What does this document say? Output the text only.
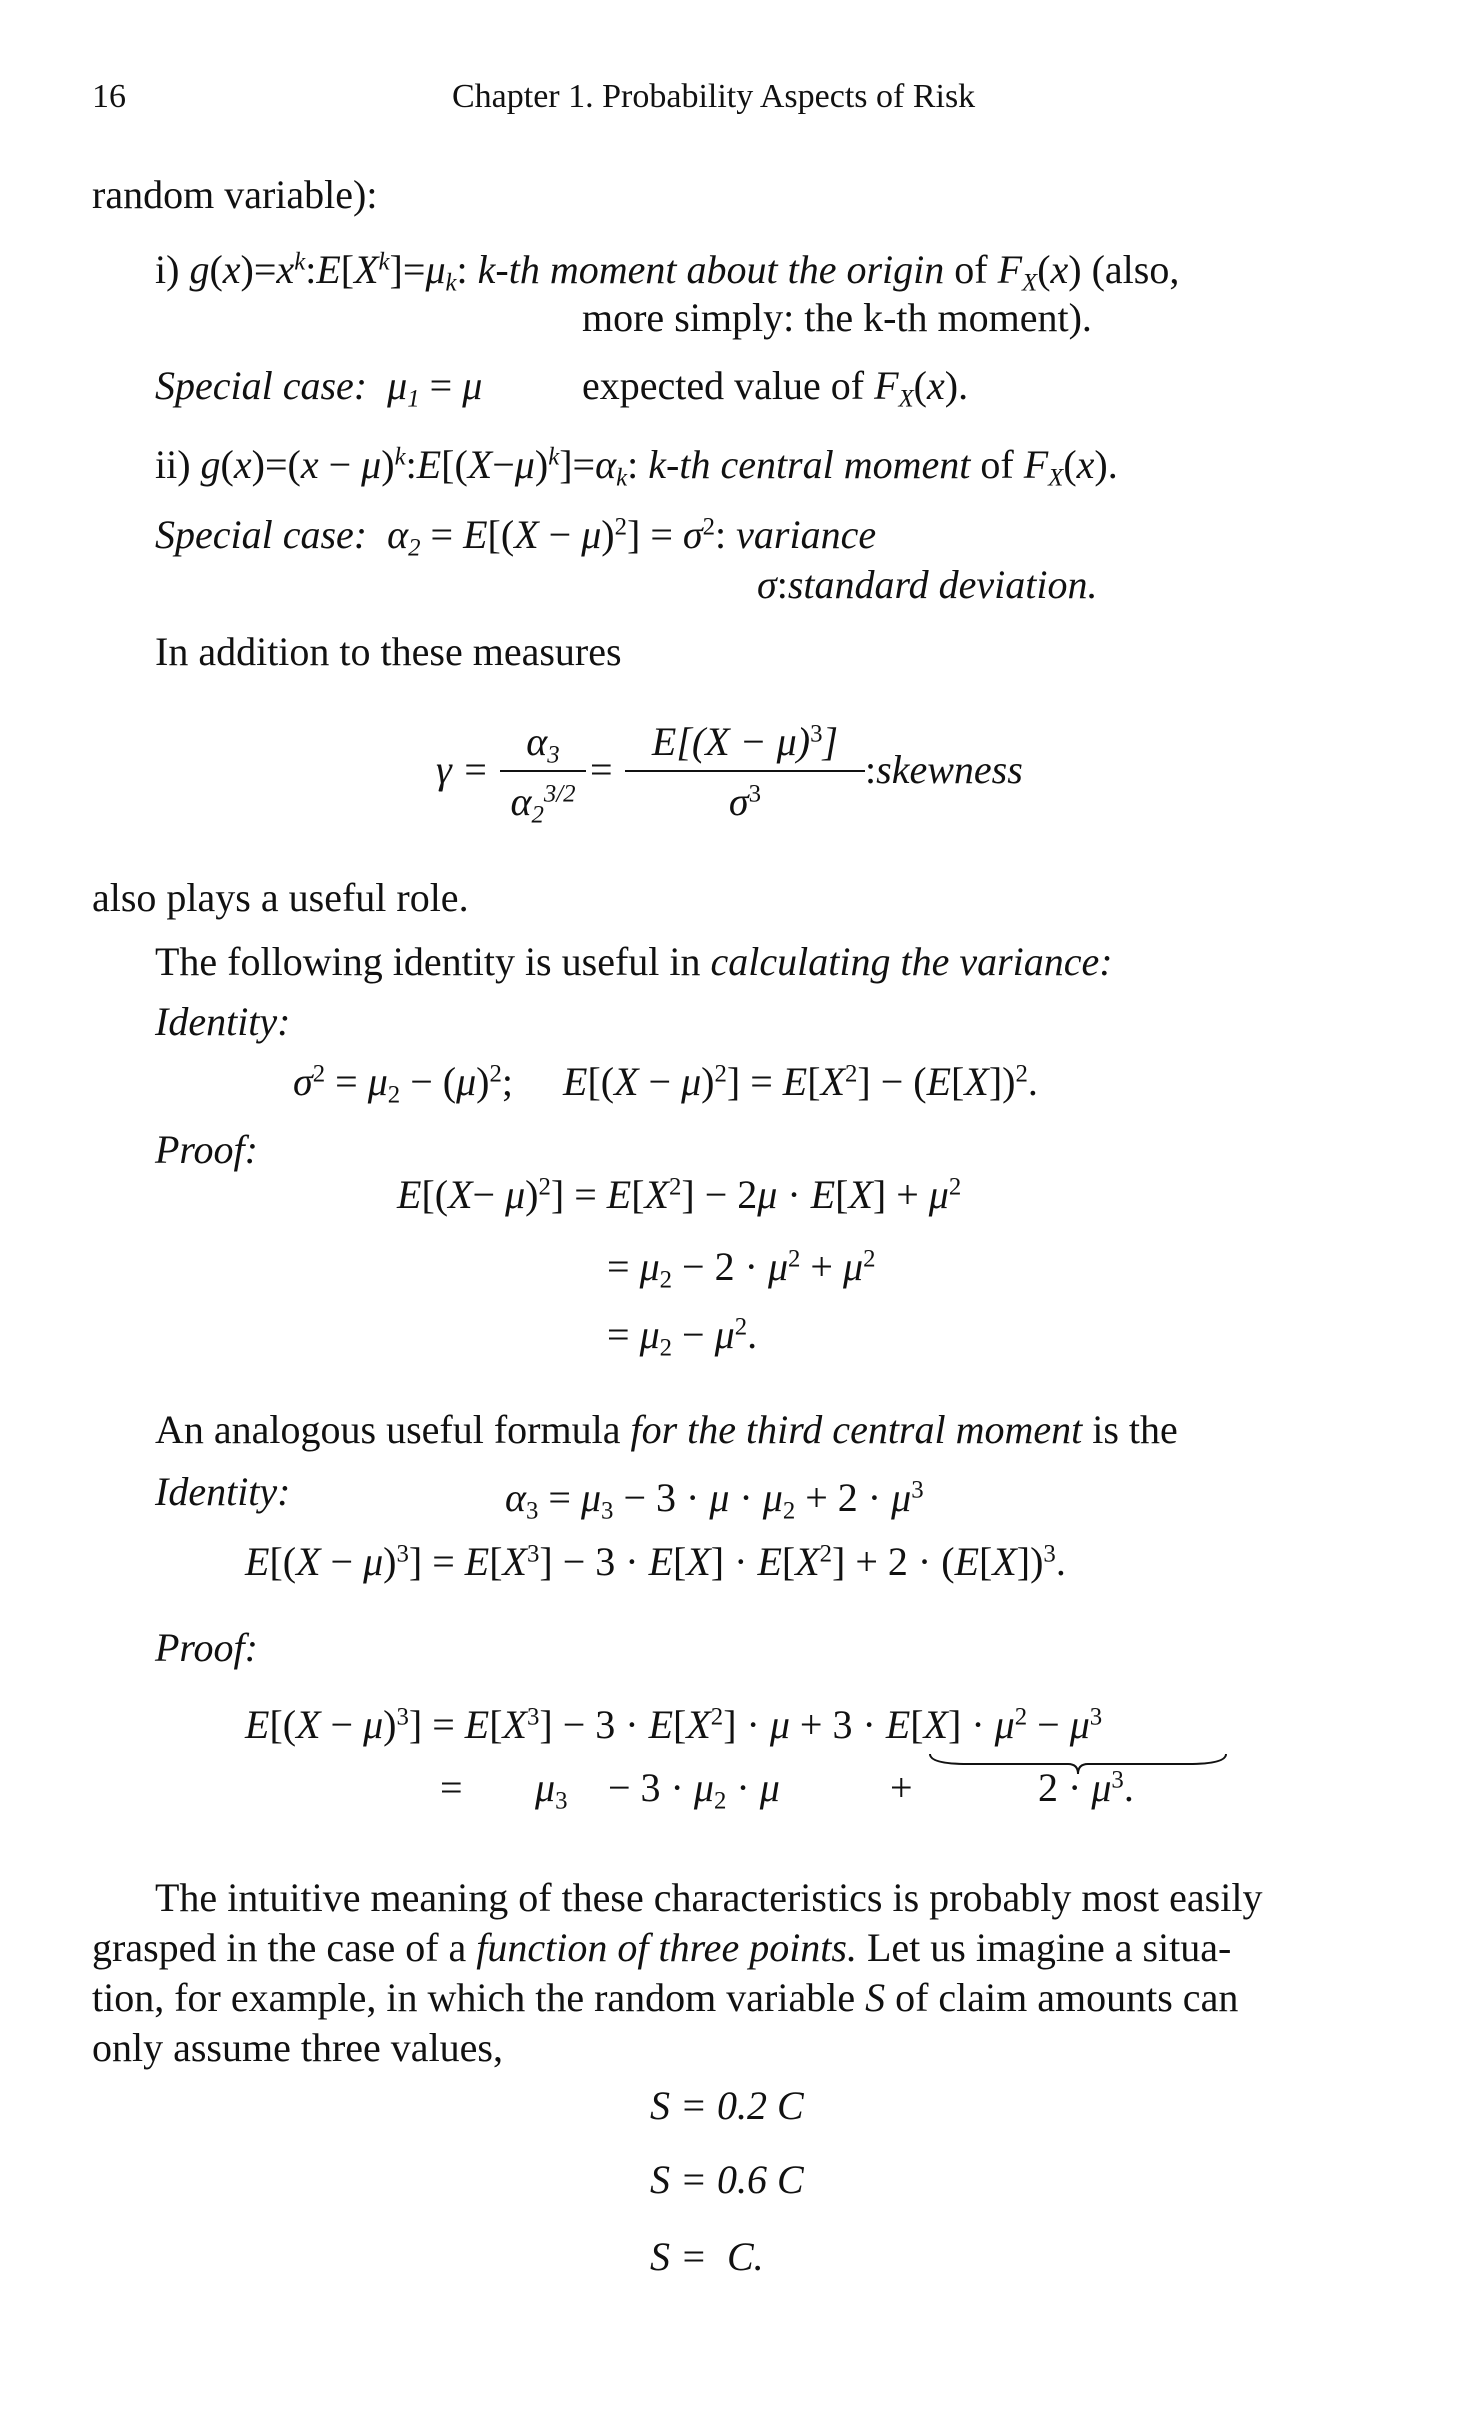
16	Chapter 1. Probability Aspects of Risk
random variable):
i) $g(x)=x^k:E[X^k]=\mu_k$: k-th moment about the origin of $F_X(x)$ (also,
more simply: the k-th moment).
Special case: $\mu_1 = \mu$ expected value of $F_X(x)$.
ii) $g(x)=(x - \mu)^k:E[(X-\mu)^k]=\alpha_k$: k-th central moment of $F_X(x)$.
Special case: $\alpha_2 = E[(X - \mu)^2] = \sigma^2$: variance
σ:standard deviation.
In addition to these measures
γ =
$\alpha_3$
$\alpha_2^{3/2}$
=
$E[(X - \mu)^3]$
$\sigma^3$
:skewness
also plays a useful role.
The following identity is useful in calculating the variance:
Identity:
$\sigma^2 = \mu_2 - (\mu)^2$; $E[(X - \mu)^2] = E[X^2] - (E[X])^2$.
Proof:
$E[(X- \mu)^2] = E[X^2] - 2\mu \cdot E[X] + \mu^2$
= $\mu_2 - 2 \cdot \mu^2 + \mu^2$
= $\mu_2 - \mu^2$.
An analogous useful formula for the third central moment is the
Identity:	$\alpha_3 = \mu_3 - 3 \cdot \mu \cdot \mu_2 + 2 \cdot \mu^3$
$E[(X - \mu)^3] = E[X^3] - 3 \cdot E[X] \cdot E[X^2] + 2 \cdot (E[X])^3$.
Proof:
$E[(X - \mu)^3] = E[X^3] - 3 \cdot E[X^2] \cdot \mu + 3 \cdot E[X] \cdot \mu^2 - \mu^3$
= $\mu_3 - 3 \cdot \mu_2 \cdot \mu$	+	$2 \cdot \mu^3$.
The intuitive meaning of these characteristics is probably most easily
grasped in the case of a function of three points. Let us imagine a situa-
tion, for example, in which the random variable S of claim amounts can
only assume three values,
S = 0.2 C
S = 0.6 C
S =  C.
